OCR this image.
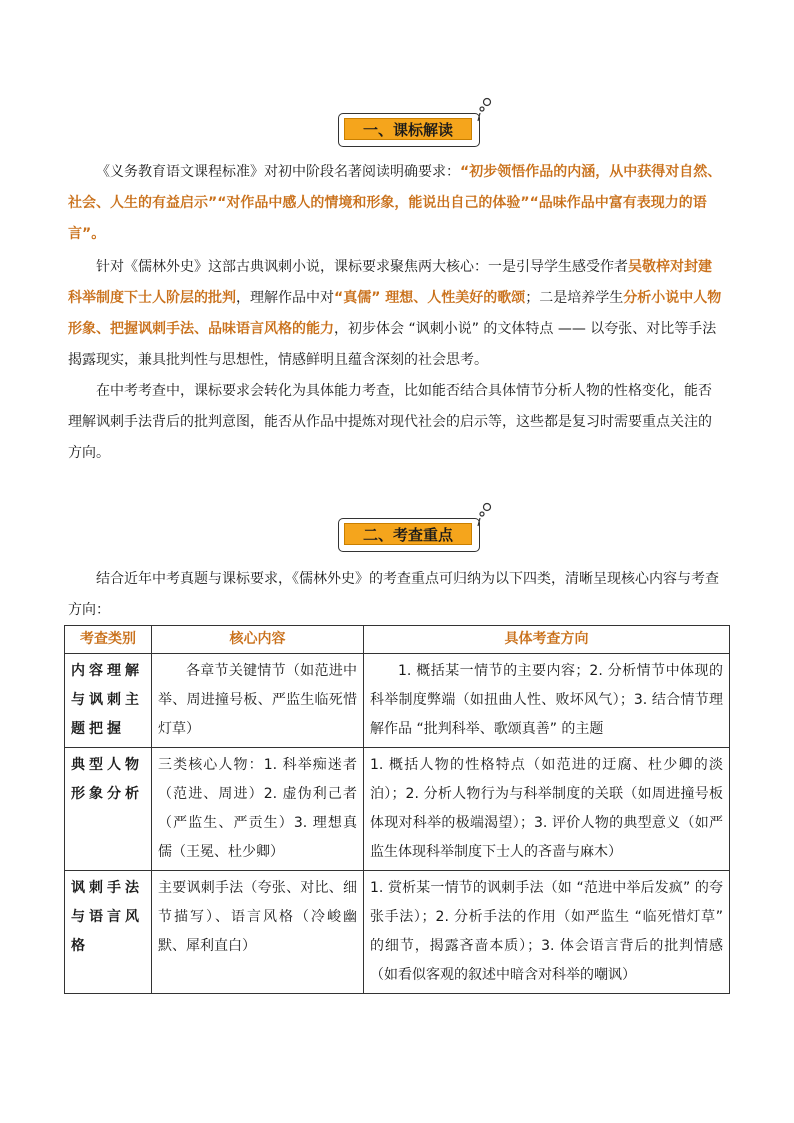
一、课标解读
《义务教育语文课程标准》对初中阶段名著阅读明确要求：“初步领悟作品的内涵，从中获得对自然、社会、人生的有益启示”“对作品中感人的情境和形象，能说出自己的体验”“品味作品中富有表现力的语言”。
针对《儒林外史》这部古典讽刺小说，课标要求聚焦两大核心：一是引导学生感受作者吴敬梓对封建科举制度下士人阶层的批判，理解作品中对“真儒” 理想、人性美好的歌颂；二是培养学生分析小说中人物形象、把握讽刺手法、品味语言风格的能力，初步体会 “讽刺小说” 的文体特点 —— 以夸张、对比等手法揭露现实，兼具批判性与思想性，情感鲜明且蕴含深刻的社会思考。
在中考考查中，课标要求会转化为具体能力考查，比如能否结合具体情节分析人物的性格变化，能否理解讽刺手法背后的批判意图，能否从作品中提炼对现代社会的启示等，这些都是复习时需要重点关注的方向。
二、考查重点
结合近年中考真题与课标要求，《儒林外史》的考查重点可归纳为以下四类，清晰呈现核心内容与考查方向：
考查类别	核心内容	具体考查方向
内容理解与讽刺主题把握	各章节关键情节（如范进中举、周进撞号板、严监生临死惜灯草）	1. 概括某一情节的主要内容；2. 分析情节中体现的科举制度弊端（如扭曲人性、败坏风气）；3. 结合情节理解作品 “批判科举、歌颂真善” 的主题
典型人物形象分析	三类核心人物：1. 科举痴迷者（范进、周进）2. 虚伪利己者（严监生、严贡生）3. 理想真儒（王冕、杜少卿）	1. 概括人物的性格特点（如范进的迂腐、杜少卿的淡泊）；2. 分析人物行为与科举制度的关联（如周进撞号板体现对科举的极端渴望）；3. 评价人物的典型意义（如严监生体现科举制度下士人的吝啬与麻木）
讽刺手法与语言风格	主要讽刺手法（夸张、对比、细节描写）、语言风格（冷峻幽默、犀利直白）	1. 赏析某一情节的讽刺手法（如 “范进中举后发疯” 的夸张手法）；2. 分析手法的作用（如严监生 “临死惜灯草” 的细节，揭露吝啬本质）；3. 体会语言背后的批判情感（如看似客观的叙述中暗含对科举的嘲讽）
